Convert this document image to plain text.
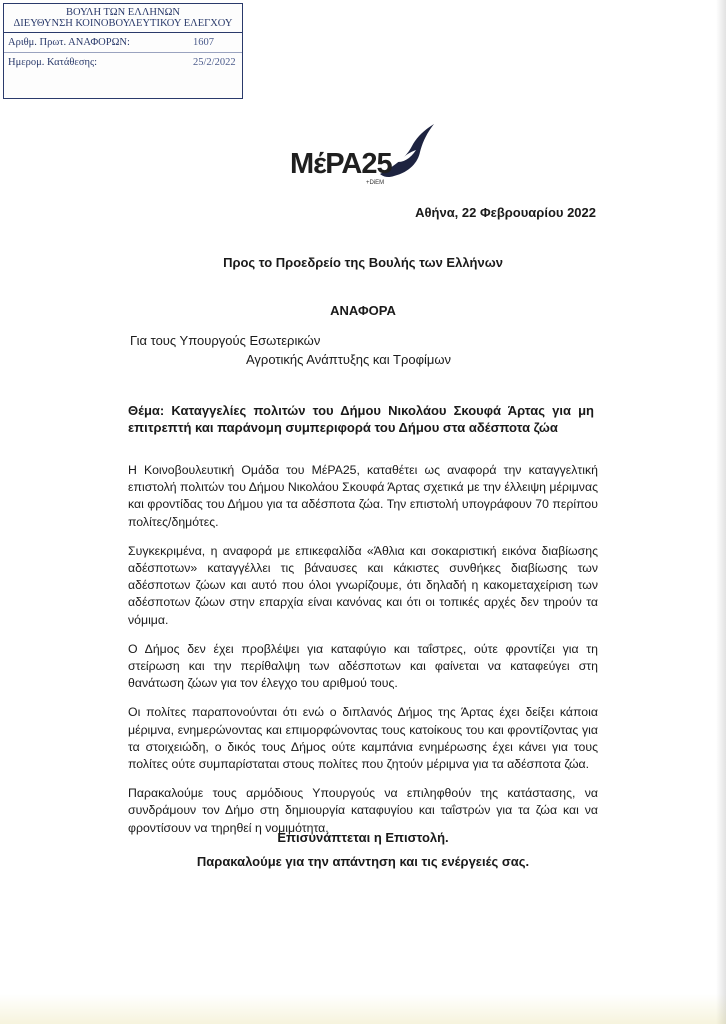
ΒΟΥΛΗ ΤΩΝ ΕΛΛΗΝΩΝ
ΔΙΕΥΘΥΝΣΗ ΚΟΙΝΟΒΟΥΛΕΥΤΙΚΟΥ ΕΛΕΓΧΟΥ
Αριθμ. Πρωτ. ΑΝΑΦΟΡΩΝ:	1607
Ημερομ. Κατάθεσης:	25/2/2022
ΜέΡΑ25
+DiEM
Αθήνα, 22 Φεβρουαρίου 2022
Προς το Προεδρείο της Βουλής των Ελλήνων
ΑΝΑΦΟΡΑ
Για τους Υπουργούς Εσωτερικών
Αγροτικής Ανάπτυξης και Τροφίμων
Θέμα: Καταγγελίες πολιτών του Δήμου Νικολάου Σκουφά Άρτας για μη επιτρεπτή και παράνομη συμπεριφορά του Δήμου στα αδέσποτα ζώα

Η Κοινοβουλευτική Ομάδα του ΜέΡΑ25, καταθέτει ως αναφορά την καταγγελτική επιστολή πολιτών του Δήμου Νικολάου Σκουφά Άρτας σχετικά με την έλλειψη μέριμνας και φροντίδας του Δήμου για τα αδέσποτα ζώα. Την επιστολή υπογράφουν 70 περίπου πολίτες/δημότες.

Συγκεκριμένα, η αναφορά με επικεφαλίδα «Άθλια και σοκαριστική εικόνα διαβίωσης αδέσποτων» καταγγέλλει τις βάναυσες και κάκιστες συνθήκες διαβίωσης των αδέσποτων ζώων και αυτό που όλοι γνωρίζουμε, ότι δηλαδή η κακομεταχείριση των αδέσποτων ζώων στην επαρχία είναι κανόνας και ότι οι τοπικές αρχές δεν τηρούν τα νόμιμα.

Ο Δήμος δεν έχει προβλέψει για καταφύγιο και ταΐστρες, ούτε φροντίζει για τη στείρωση και την περίθαλψη των αδέσποτων και φαίνεται να καταφεύγει στη θανάτωση ζώων για τον έλεγχο του αριθμού τους.

Οι πολίτες παραπονούνται ότι ενώ ο διπλανός Δήμος της Άρτας έχει δείξει κάποια μέριμνα, ενημερώνοντας και επιμορφώνοντας τους κατοίκους του και φροντίζοντας για τα στοιχειώδη, ο δικός τους Δήμος ούτε καμπάνια ενημέρωσης έχει κάνει για τους πολίτες ούτε συμπαρίσταται στους πολίτες που ζητούν μέριμνα για τα αδέσποτα ζώα.

Παρακαλούμε τους αρμόδιους Υπουργούς να επιληφθούν της κατάστασης, να συνδράμουν τον Δήμο στη δημιουργία καταφυγίου και ταΐστρών για τα ζώα και να φροντίσουν να τηρηθεί η νομιμότητα.

Επισυνάπτεται η Επιστολή.
Παρακαλούμε για την απάντηση και τις ενέργειές σας.
